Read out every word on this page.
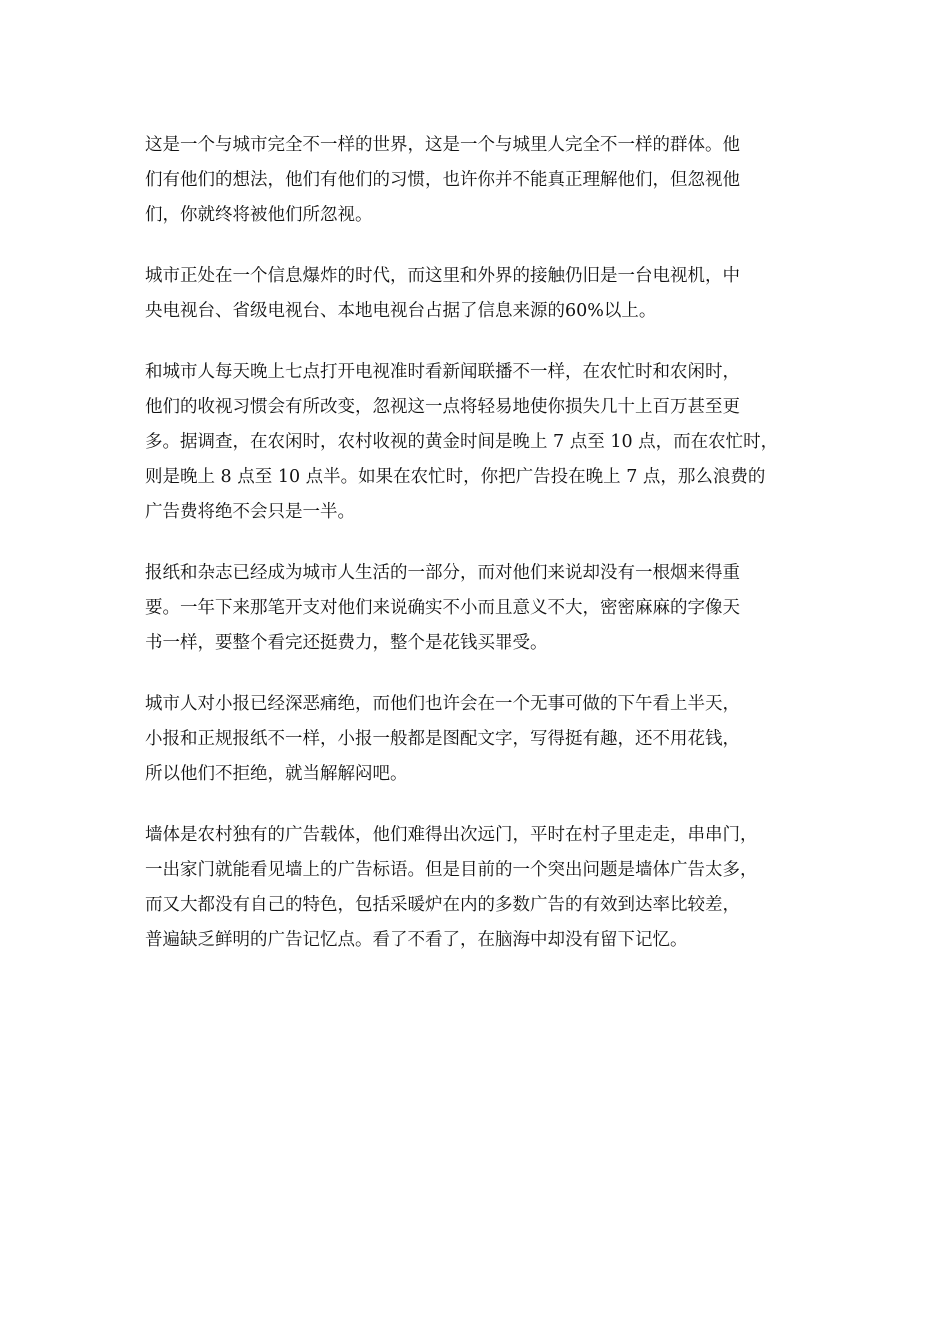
这是一个与城市完全不一样的世界，这是一个与城里人完全不一样的群体。他
们有他们的想法，他们有他们的习惯，也许你并不能真正理解他们，但忽视他
们，你就终将被他们所忽视。

城市正处在一个信息爆炸的时代，而这里和外界的接触仍旧是一台电视机，中
央电视台、省级电视台、本地电视台占据了信息来源的60%以上。

和城市人每天晚上七点打开电视准时看新闻联播不一样，在农忙时和农闲时，
他们的收视习惯会有所改变，忽视这一点将轻易地使你损失几十上百万甚至更
多。据调查，在农闲时，农村收视的黄金时间是晚上 7 点至 10 点，而在农忙时，
则是晚上 8 点至 10 点半。如果在农忙时，你把广告投在晚上 7 点，那么浪费的
广告费将绝不会只是一半。

报纸和杂志已经成为城市人生活的一部分，而对他们来说却没有一根烟来得重
要。一年下来那笔开支对他们来说确实不小而且意义不大，密密麻麻的字像天
书一样，要整个看完还挺费力，整个是花钱买罪受。

城市人对小报已经深恶痛绝，而他们也许会在一个无事可做的下午看上半天，
小报和正规报纸不一样，小报一般都是图配文字，写得挺有趣，还不用花钱，
所以他们不拒绝，就当解解闷吧。

墙体是农村独有的广告载体，他们难得出次远门，平时在村子里走走，串串门，
一出家门就能看见墙上的广告标语。但是目前的一个突出问题是墙体广告太多，
而又大都没有自己的特色，包括采暖炉在内的多数广告的有效到达率比较差，
普遍缺乏鲜明的广告记忆点。看了不看了，在脑海中却没有留下记忆。
